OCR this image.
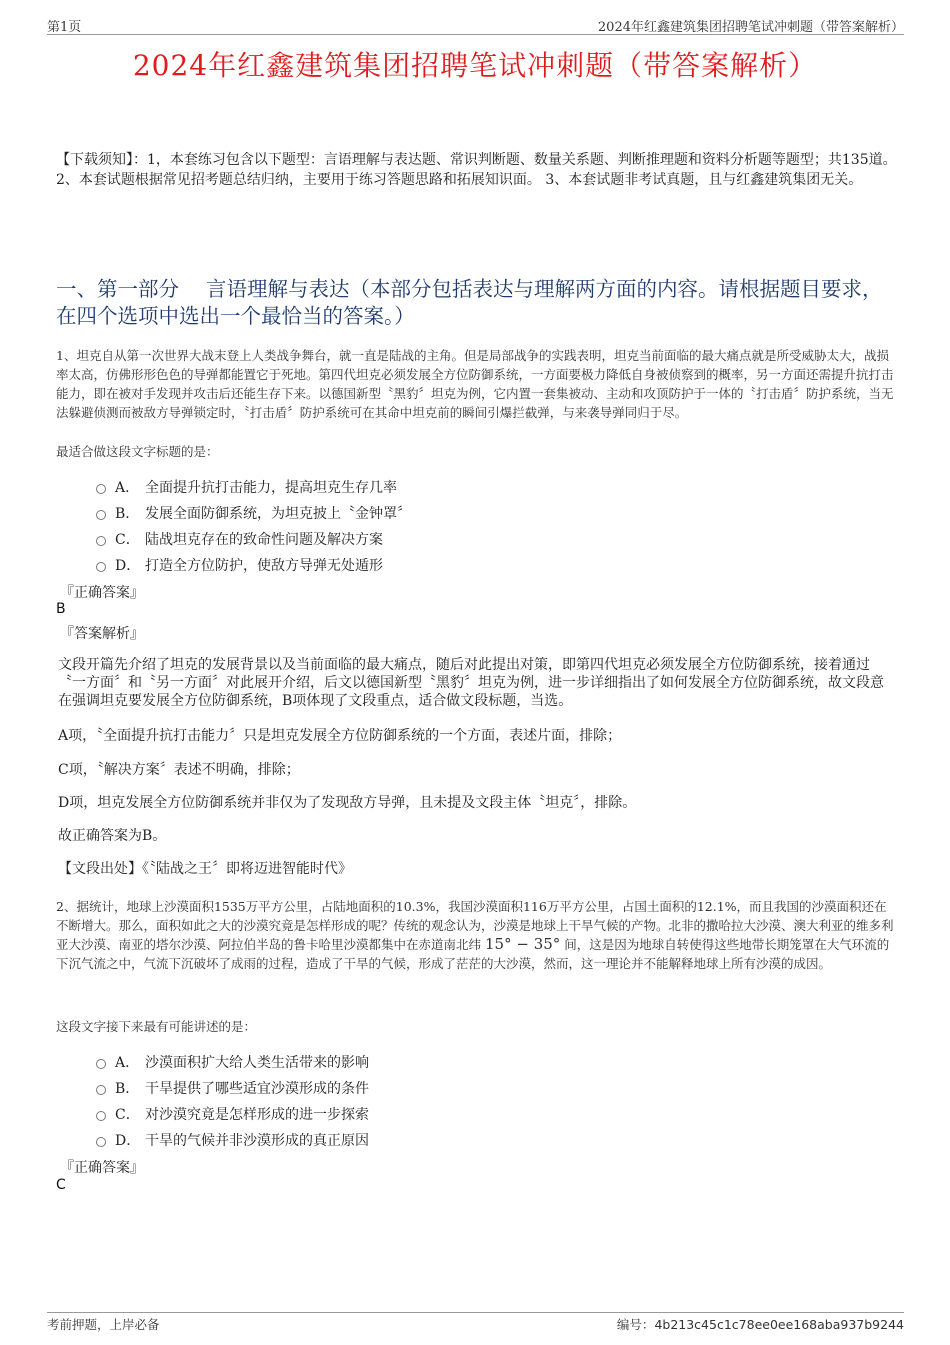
第1页	2024年红鑫建筑集团招聘笔试冲刺题（带答案解析）
2024年红鑫建筑集团招聘笔试冲刺题（带答案解析）
【下载须知】：1，本套练习包含以下题型：言语理解与表达题、常识判断题、数量关系题、判断推理题和资料分析题等题型；共135道。 2、本套试题根据常见招考题总结归纳，主要用于练习答题思路和拓展知识面。 3、本套试题非考试真题，且与红鑫建筑集团无关。
一、第一部分　 言语理解与表达（本部分包括表达与理解两方面的内容。请根据题目要求，在四个选项中选出一个最恰当的答案。）
1、坦克自从第一次世界大战末登上人类战争舞台，就一直是陆战的主角。但是局部战争的实践表明，坦克当前面临的最大痛点就是所受威胁太大，战损率太高，仿佛形形色色的导弹都能置它于死地。第四代坦克必须发展全方位防御系统，一方面要极力降低自身被侦察到的概率，另一方面还需提升抗打击能力，即在被对手发现并攻击后还能生存下来。以德国新型〝黑豹〞坦克为例，它内置一套集被动、主动和攻顶防护于一体的〝打击盾〞防护系统，当无法躲避侦测而被敌方导弹锁定时，〝打击盾〞防护系统可在其命中坦克前的瞬间引爆拦截弹，与来袭导弹同归于尽。
最适合做这段文字标题的是：
A． 全面提升抗打击能力，提高坦克生存几率
B． 发展全面防御系统，为坦克披上〝金钟罩〞
C． 陆战坦克存在的致命性问题及解决方案
D． 打造全方位防护，使敌方导弹无处遁形
『正确答案』
B
『答案解析』
文段开篇先介绍了坦克的发展背景以及当前面临的最大痛点，随后对此提出对策，即第四代坦克必须发展全方位防御系统，接着通过〝一方面〞和〝另一方面〞对此展开介绍，后文以德国新型〝黑豹〞坦克为例，进一步详细指出了如何发展全方位防御系统，故文段意在强调坦克要发展全方位防御系统，B项体现了文段重点，适合做文段标题，当选。
A项，〝全面提升抗打击能力〞只是坦克发展全方位防御系统的一个方面，表述片面，排除；
C项，〝解决方案〞表述不明确，排除；
D项，坦克发展全方位防御系统并非仅为了发现敌方导弹，且未提及文段主体〝坦克〞，排除。
故正确答案为B。
【文段出处】《〝陆战之王〞即将迈进智能时代》
2、据统计，地球上沙漠面积1535万平方公里，占陆地面积的10.3%，我国沙漠面积116万平方公里，占国土面积的12.1%，而且我国的沙漠面积还在不断增大。那么，面积如此之大的沙漠究竟是怎样形成的呢？传统的观念认为，沙漠是地球上干旱气候的产物。北非的撒哈拉大沙漠、澳大利亚的维多利亚大沙漠、南亚的塔尔沙漠、阿拉伯半岛的鲁卡哈里沙漠都集中在赤道南北纬 15° − 35° 间，这是因为地球自转使得这些地带长期笼罩在大气环流的下沉气流之中，气流下沉破坏了成雨的过程，造成了干旱的气候，形成了茫茫的大沙漠，然而，这一理论并不能解释地球上所有沙漠的成因。
这段文字接下来最有可能讲述的是：
A． 沙漠面积扩大给人类生活带来的影响
B． 干旱提供了哪些适宜沙漠形成的条件
C． 对沙漠究竟是怎样形成的进一步探索
D． 干旱的气候并非沙漠形成的真正原因
『正确答案』
C
考前押题，上岸必备	编号：4b213c45c1c78ee0ee168aba937b9244
